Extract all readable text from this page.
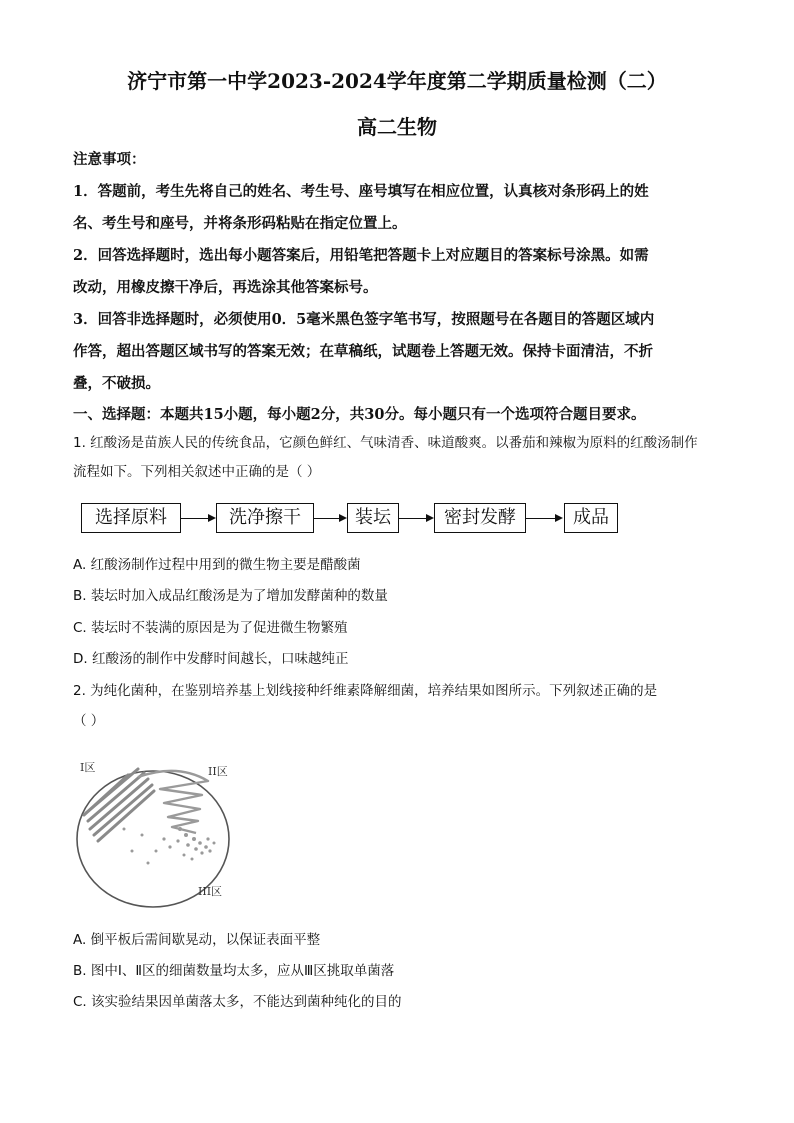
济宁市第一中学2023-2024学年度第二学期质量检测（二）
高二生物
注意事项：
1．答题前，考生先将自己的姓名、考生号、座号填写在相应位置，认真核对条形码上的姓
名、考生号和座号，并将条形码粘贴在指定位置上。
2．回答选择题时，选出每小题答案后，用铅笔把答题卡上对应题目的答案标号涂黑。如需
改动，用橡皮擦干净后，再选涂其他答案标号。
3．回答非选择题时，必须使用0．5毫米黑色签字笔书写，按照题号在各题目的答题区域内
作答，超出答题区域书写的答案无效；在草稿纸，试题卷上答题无效。保持卡面清洁，不折
叠，不破损。
一、选择题：本题共15小题，每小题2分，共30分。每小题只有一个选项符合题目要求。
1. 红酸汤是苗族人民的传统食品，它颜色鲜红、气味清香、味道酸爽。以番茄和辣椒为原料的红酸汤制作
流程如下。下列相关叙述中正确的是（ ）
选择原料	洗净擦干	装坛	密封发酵	成品
A. 红酸汤制作过程中用到的微生物主要是醋酸菌
B. 装坛时加入成品红酸汤是为了增加发酵菌种的数量
C. 装坛时不装满的原因是为了促进微生物繁殖
D. 红酸汤的制作中发酵时间越长，口味越纯正
2. 为纯化菌种，在鉴别培养基上划线接种纤维素降解细菌，培养结果如图所示。下列叙述正确的是
（ ）
I区	II区
III区
A. 倒平板后需间歇晃动，以保证表面平整
B. 图中Ⅰ、Ⅱ区的细菌数量均太多，应从Ⅲ区挑取单菌落
C. 该实验结果因单菌落太多，不能达到菌种纯化的目的
